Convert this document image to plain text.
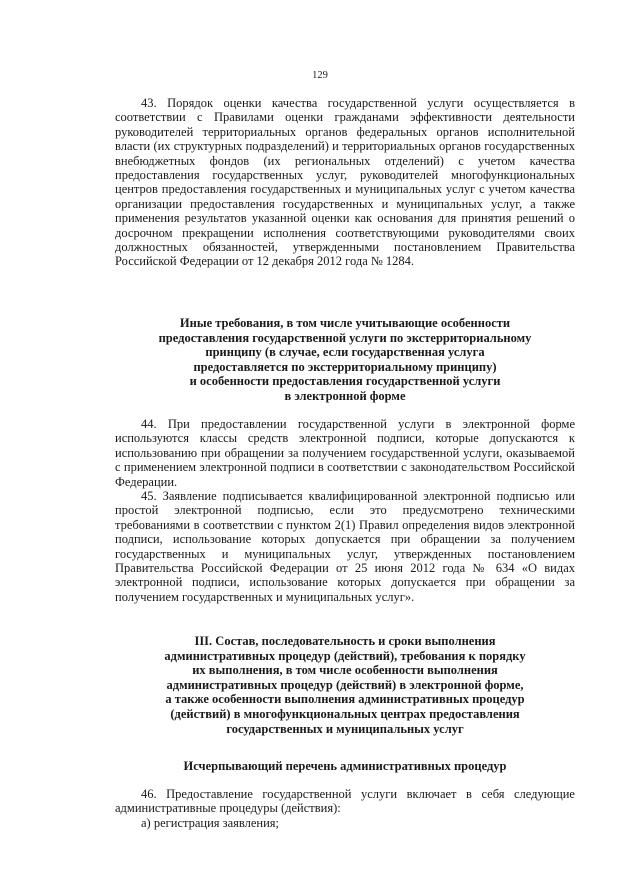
129

43. Порядок оценки качества государственной услуги осуществляется в соответствии с Правилами оценки гражданами эффективности деятельности руководителей территориальных органов федеральных органов исполнительной власти (их структурных подразделений) и территориальных органов государственных внебюджетных фондов (их региональных отделений) с учетом качества предоставления государственных услуг, руководителей многофункциональных центров предоставления государственных и муниципальных услуг с учетом качества организации предоставления государственных и муниципальных услуг, а также применения результатов указанной оценки как основания для принятия решений о досрочном прекращении исполнения соответствующими руководителями своих должностных обязанностей, утвержденными постановлением Правительства Российской Федерации от 12 декабря 2012 года № 1284.

Иные требования, в том числе учитывающие особенности
предоставления государственной услуги по экстерриториальному
принципу (в случае, если государственная услуга
предоставляется по экстерриториальному принципу)
и особенности предоставления государственной услуги
в электронной форме

44. При предоставлении государственной услуги в электронной форме используются классы средств электронной подписи, которые допускаются к использованию при обращении за получением государственной услуги, оказываемой с применением электронной подписи в соответствии с законодательством Российской Федерации.

45. Заявление подписывается квалифицированной электронной подписью или простой электронной подписью, если это предусмотрено техническими требованиями в соответствии с пунктом 2(1) Правил определения видов электронной подписи, использование которых допускается при обращении за получением государственных и муниципальных услуг, утвержденных постановлением Правительства Российской Федерации от 25 июня 2012 года № 634 «О видах электронной подписи, использование которых допускается при обращении за получением государственных и муниципальных услуг».

III. Состав, последовательность и сроки выполнения
административных процедур (действий), требования к порядку
их выполнения, в том числе особенности выполнения
административных процедур (действий) в электронной форме,
а также особенности выполнения административных процедур
(действий) в многофункциональных центрах предоставления
государственных и муниципальных услуг
Исчерпывающий перечень административных процедур

46. Предоставление государственной услуги включает в себя следующие административные процедуры (действия):

а) регистрация заявления;
